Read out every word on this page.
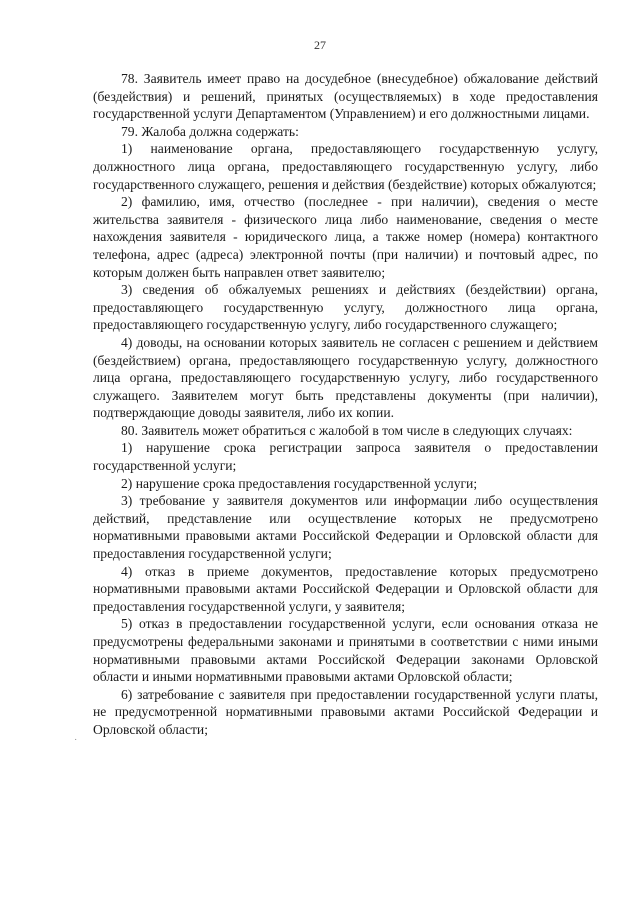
27
˙

78. Заявитель имеет право на досудебное (внесудебное) обжалование действий (бездействия) и решений, принятых (осуществляемых) в ходе предоставления государственной услуги Департаментом (Управлением) и его должностными лицами.

79. Жалоба должна содержать:

1) наименование органа, предоставляющего государственную услугу, должностного лица органа, предоставляющего государственную услугу, либо государственного служащего, решения и действия (бездействие) которых обжалуются;

2) фамилию, имя, отчество (последнее - при наличии), сведения о месте жительства заявителя - физического лица либо наименование, сведения о месте нахождения заявителя - юридического лица, а также номер (номера) контактного телефона, адрес (адреса) электронной почты (при наличии) и почтовый адрес, по которым должен быть направлен ответ заявителю;

3) сведения об обжалуемых решениях и действиях (бездействии) органа, предоставляющего государственную услугу, должностного лица органа, предоставляющего государственную услугу, либо государственного служащего;

4) доводы, на основании которых заявитель не согласен с решением и действием (бездействием) органа, предоставляющего государственную услугу, должностного лица органа, предоставляющего государственную услугу, либо государственного служащего. Заявителем могут быть представлены документы (при наличии), подтверждающие доводы заявителя, либо их копии.

80. Заявитель может обратиться с жалобой в том числе в следующих случаях:

1) нарушение срока регистрации запроса заявителя о предоставлении государственной услуги;

2) нарушение срока предоставления государственной услуги;

3) требование у заявителя документов или информации либо осуществления действий, представление или осуществление которых не предусмотрено нормативными правовыми актами Российской Федерации и Орловской области для предоставления государственной услуги;

4) отказ в приеме документов, предоставление которых предусмотрено нормативными правовыми актами Российской Федерации и Орловской области для предоставления государственной услуги, у заявителя;

5) отказ в предоставлении государственной услуги, если основания отказа не предусмотрены федеральными законами и принятыми в соответствии с ними иными нормативными правовыми актами Российской Федерации законами Орловской области и иными нормативными правовыми актами Орловской области;

6) затребование с заявителя при предоставлении государственной услуги платы, не предусмотренной нормативными правовыми актами Российской Федерации и Орловской области;
